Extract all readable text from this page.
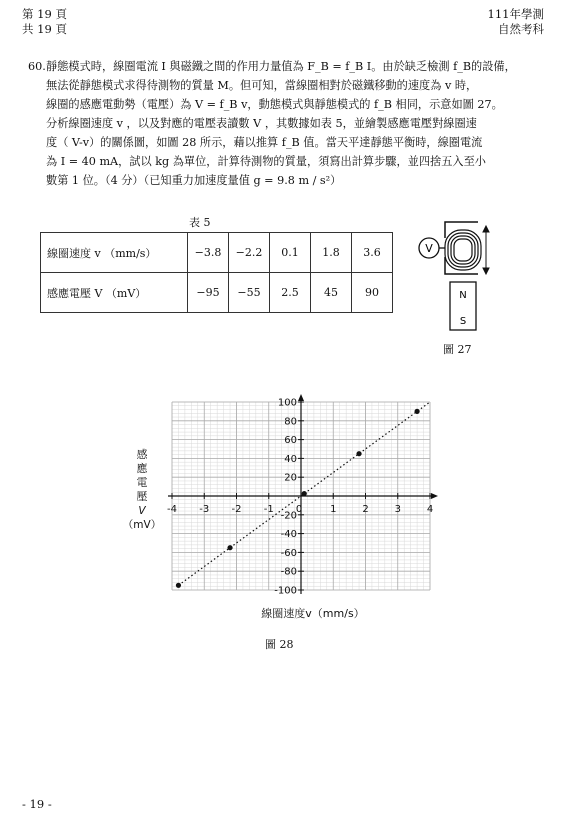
第 19 頁
共 19 頁
111年學測
自然考科
60. 靜態模式時，線圈電流 I 與磁鐵之間的作用力量值為 F_B = f_B I。由於缺乏檢測 f_B的設備，
無法從靜態模式求得待測物的質量 M。但可知，當線圈相對於磁鐵移動的速度為 v 時，
線圈的感應電動勢（電壓）為 V = f_B v，動態模式與靜態模式的 f_B 相同，示意如圖 27。
分析線圈速度 v ，以及對應的電壓表讀數 V ，其數據如表 5，並繪製感應電壓對線圈速
度（ V-v）的關係圖，如圖 28 所示，藉以推算 f_B 值。當天平達靜態平衡時，線圈電流
為 I = 40 mA，試以 kg 為單位，計算待測物的質量，須寫出計算步驟，並四捨五入至小
數第 1 位。（4 分）（已知重力加速度量值 g = 9.8 m / s²）
表 5
線圈速度 v （mm/s）	−3.8	−2.2	0.1	1.8	3.6
感應電壓 V （mV）	−95	−55	2.5	45	90
V
N
S
圖 27
-4 -3 -2 -1 0	1	2	3	4
100
80
60
40
20
-20
-40
-60
-80
-100
感
應
電
壓
V
（mV）
線圈速度v（mm/s）
圖 28
- 19 -
